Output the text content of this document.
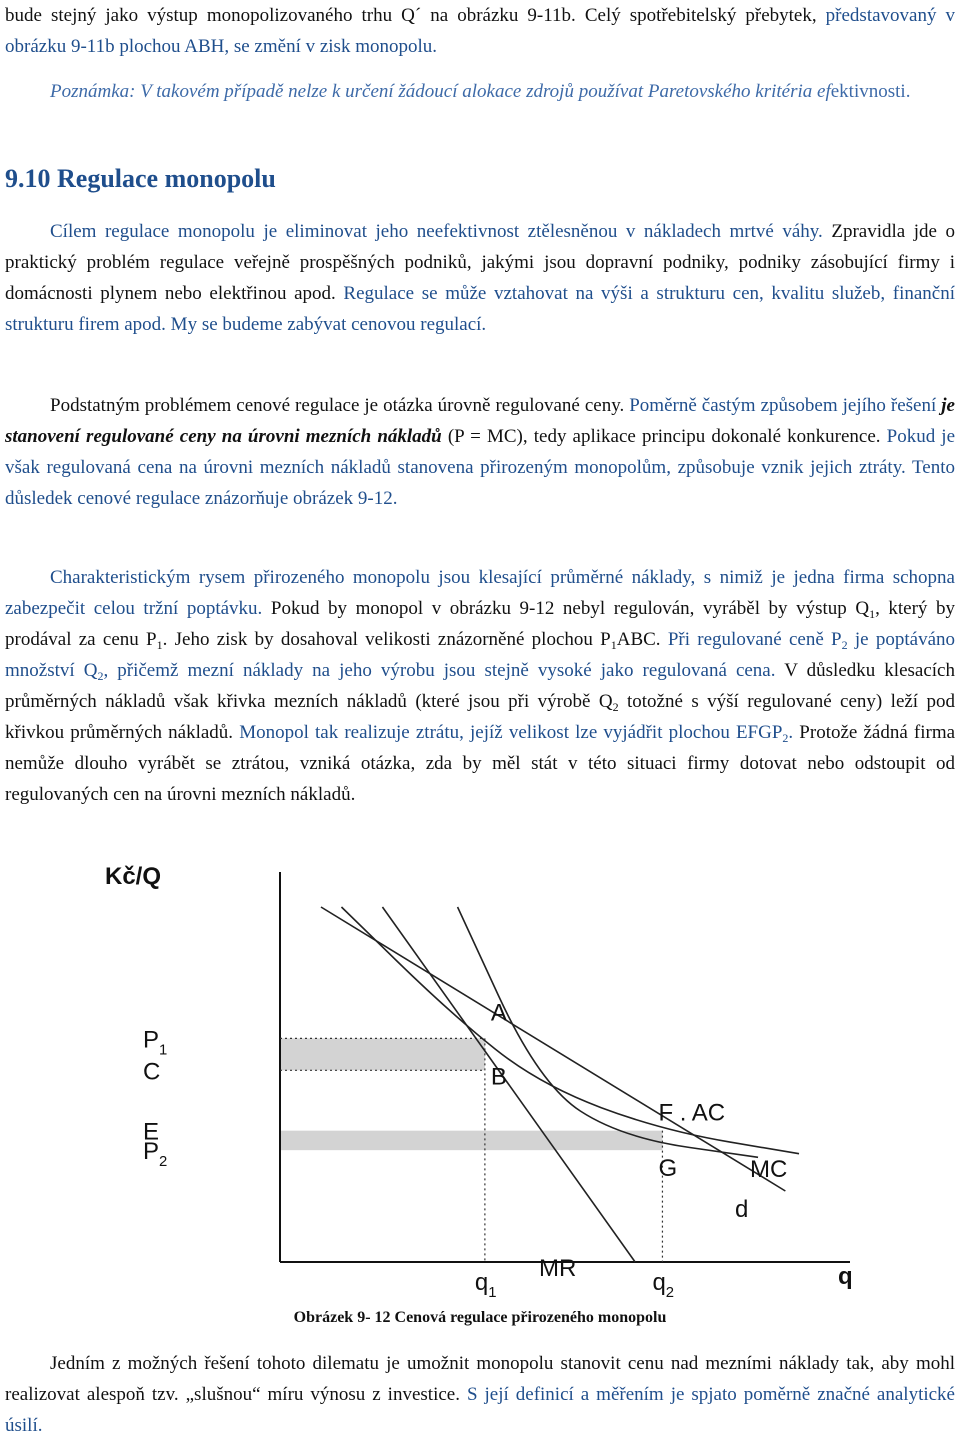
bude stejný jako výstup monopolizovaného trhu Q´ na obrázku 9-11b. Celý spotřebitelský přebytek, představovaný v obrázku 9-11b plochou ABH, se změní v zisk monopolu.

Poznámka: V takovém případě nelze k určení žádoucí alokace zdrojů používat Paretovského kritéria efektivnosti.

9.10 Regulace monopolu

Cílem regulace monopolu je eliminovat jeho neefektivnost ztělesněnou v nákladech mrtvé váhy. Zpravidla jde o praktický problém regulace veřejně prospěšných podniků, jakými jsou dopravní podniky, podniky zásobující firmy i domácnosti plynem nebo elektřinou apod. Regulace se může vztahovat na výši a strukturu cen, kvalitu služeb, finanční strukturu firem apod. My se budeme zabývat cenovou regulací.

Podstatným problémem cenové regulace je otázka úrovně regulované ceny. Poměrně častým způsobem jejího řešení je stanovení regulované ceny na úrovni mezních nákladů (P = MC), tedy aplikace principu dokonalé konkurence. Pokud je však regulovaná cena na úrovni mezních nákladů stanovena přirozeným monopolům, způsobuje vznik jejich ztráty. Tento důsledek cenové regulace znázorňuje obrázek 9-12.

Charakteristickým rysem přirozeného monopolu jsou klesající průměrné náklady, s nimiž je jedna firma schopna zabezpečit celou tržní poptávku. Pokud by monopol v obrázku 9-12 nebyl regulován, vyráběl by výstup $Q_1$, který by prodával za cenu $P_1$. Jeho zisk by dosahoval velikosti znázorněné plochou $P_1ABC$. Při regulované ceně $P_2$ je poptáváno množství $Q_2$, přičemž mezní náklady na jeho výrobu jsou stejně vysoké jako regulovaná cena. V důsledku klesacích průměrných nákladů však křivka mezních nákladů (které jsou při výrobě $Q_2$ totožné s výší regulované ceny) leží pod křivkou průměrných nákladů. Monopol tak realizuje ztrátu, jejíž velikost lze vyjádřit plochou $EFGP_2$. Protože žádná firma nemůže dlouho vyrábět se ztrátou, vzniká otázka, zda by měl stát v této situaci firmy dotovat nebo odstoupit od regulovaných cen na úrovni mezních nákladů.

Kč/Q
q
$P_1$
C
E
$P_2$
$q_1$	$q_2$
A
B
F . AC
G	MC
d
MR
Obrázek 9- 12 Cenová regulace přirozeného monopolu

Jedním z možných řešení tohoto dilematu je umožnit monopolu stanovit cenu nad mezními náklady tak, aby mohl realizovat alespoň tzv. „slušnou“ míru výnosu z investice. S její definicí a měřením je spjato poměrně značné analytické úsilí.
